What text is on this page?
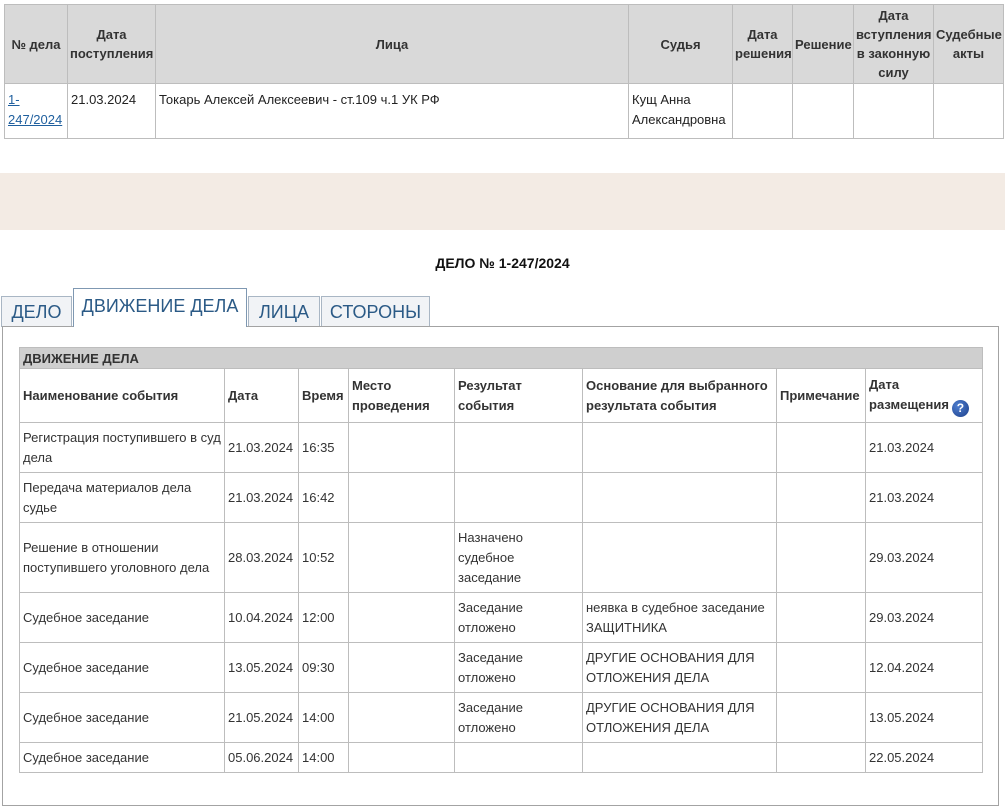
№ дела	Дата поступления	Лица	Судья	Дата решения	Решение	Дата вступления в законную силу	Судебные акты
1-247/2024	21.03.2024	Токарь Алексей Алексеевич - ст.109 ч.1 УК РФ	Кущ Анна Александровна				
ДЕЛО № 1-247/2024
ДЕЛО	ДВИЖЕНИЕ ДЕЛА	ЛИЦА	СТОРОНЫ
ДВИЖЕНИЕ ДЕЛА							
Наименование события	Дата	Время	Место проведения	Результат события	Основание для выбранного результата события	Примечание	Дата размещения ?
Регистрация поступившего в суд дела	21.03.2024	16:35					21.03.2024
Передача материалов дела судье	21.03.2024	16:42					21.03.2024
Решение в отношении поступившего уголовного дела	28.03.2024	10:52		Назначено судебное заседание			29.03.2024
Судебное заседание	10.04.2024	12:00		Заседание отложено	неявка в судебное заседание ЗАЩИТНИКА		29.03.2024
Судебное заседание	13.05.2024	09:30		Заседание отложено	ДРУГИЕ ОСНОВАНИЯ ДЛЯ ОТЛОЖЕНИЯ ДЕЛА		12.04.2024
Судебное заседание	21.05.2024	14:00		Заседание отложено	ДРУГИЕ ОСНОВАНИЯ ДЛЯ ОТЛОЖЕНИЯ ДЕЛА		13.05.2024
Судебное заседание	05.06.2024	14:00					22.05.2024
